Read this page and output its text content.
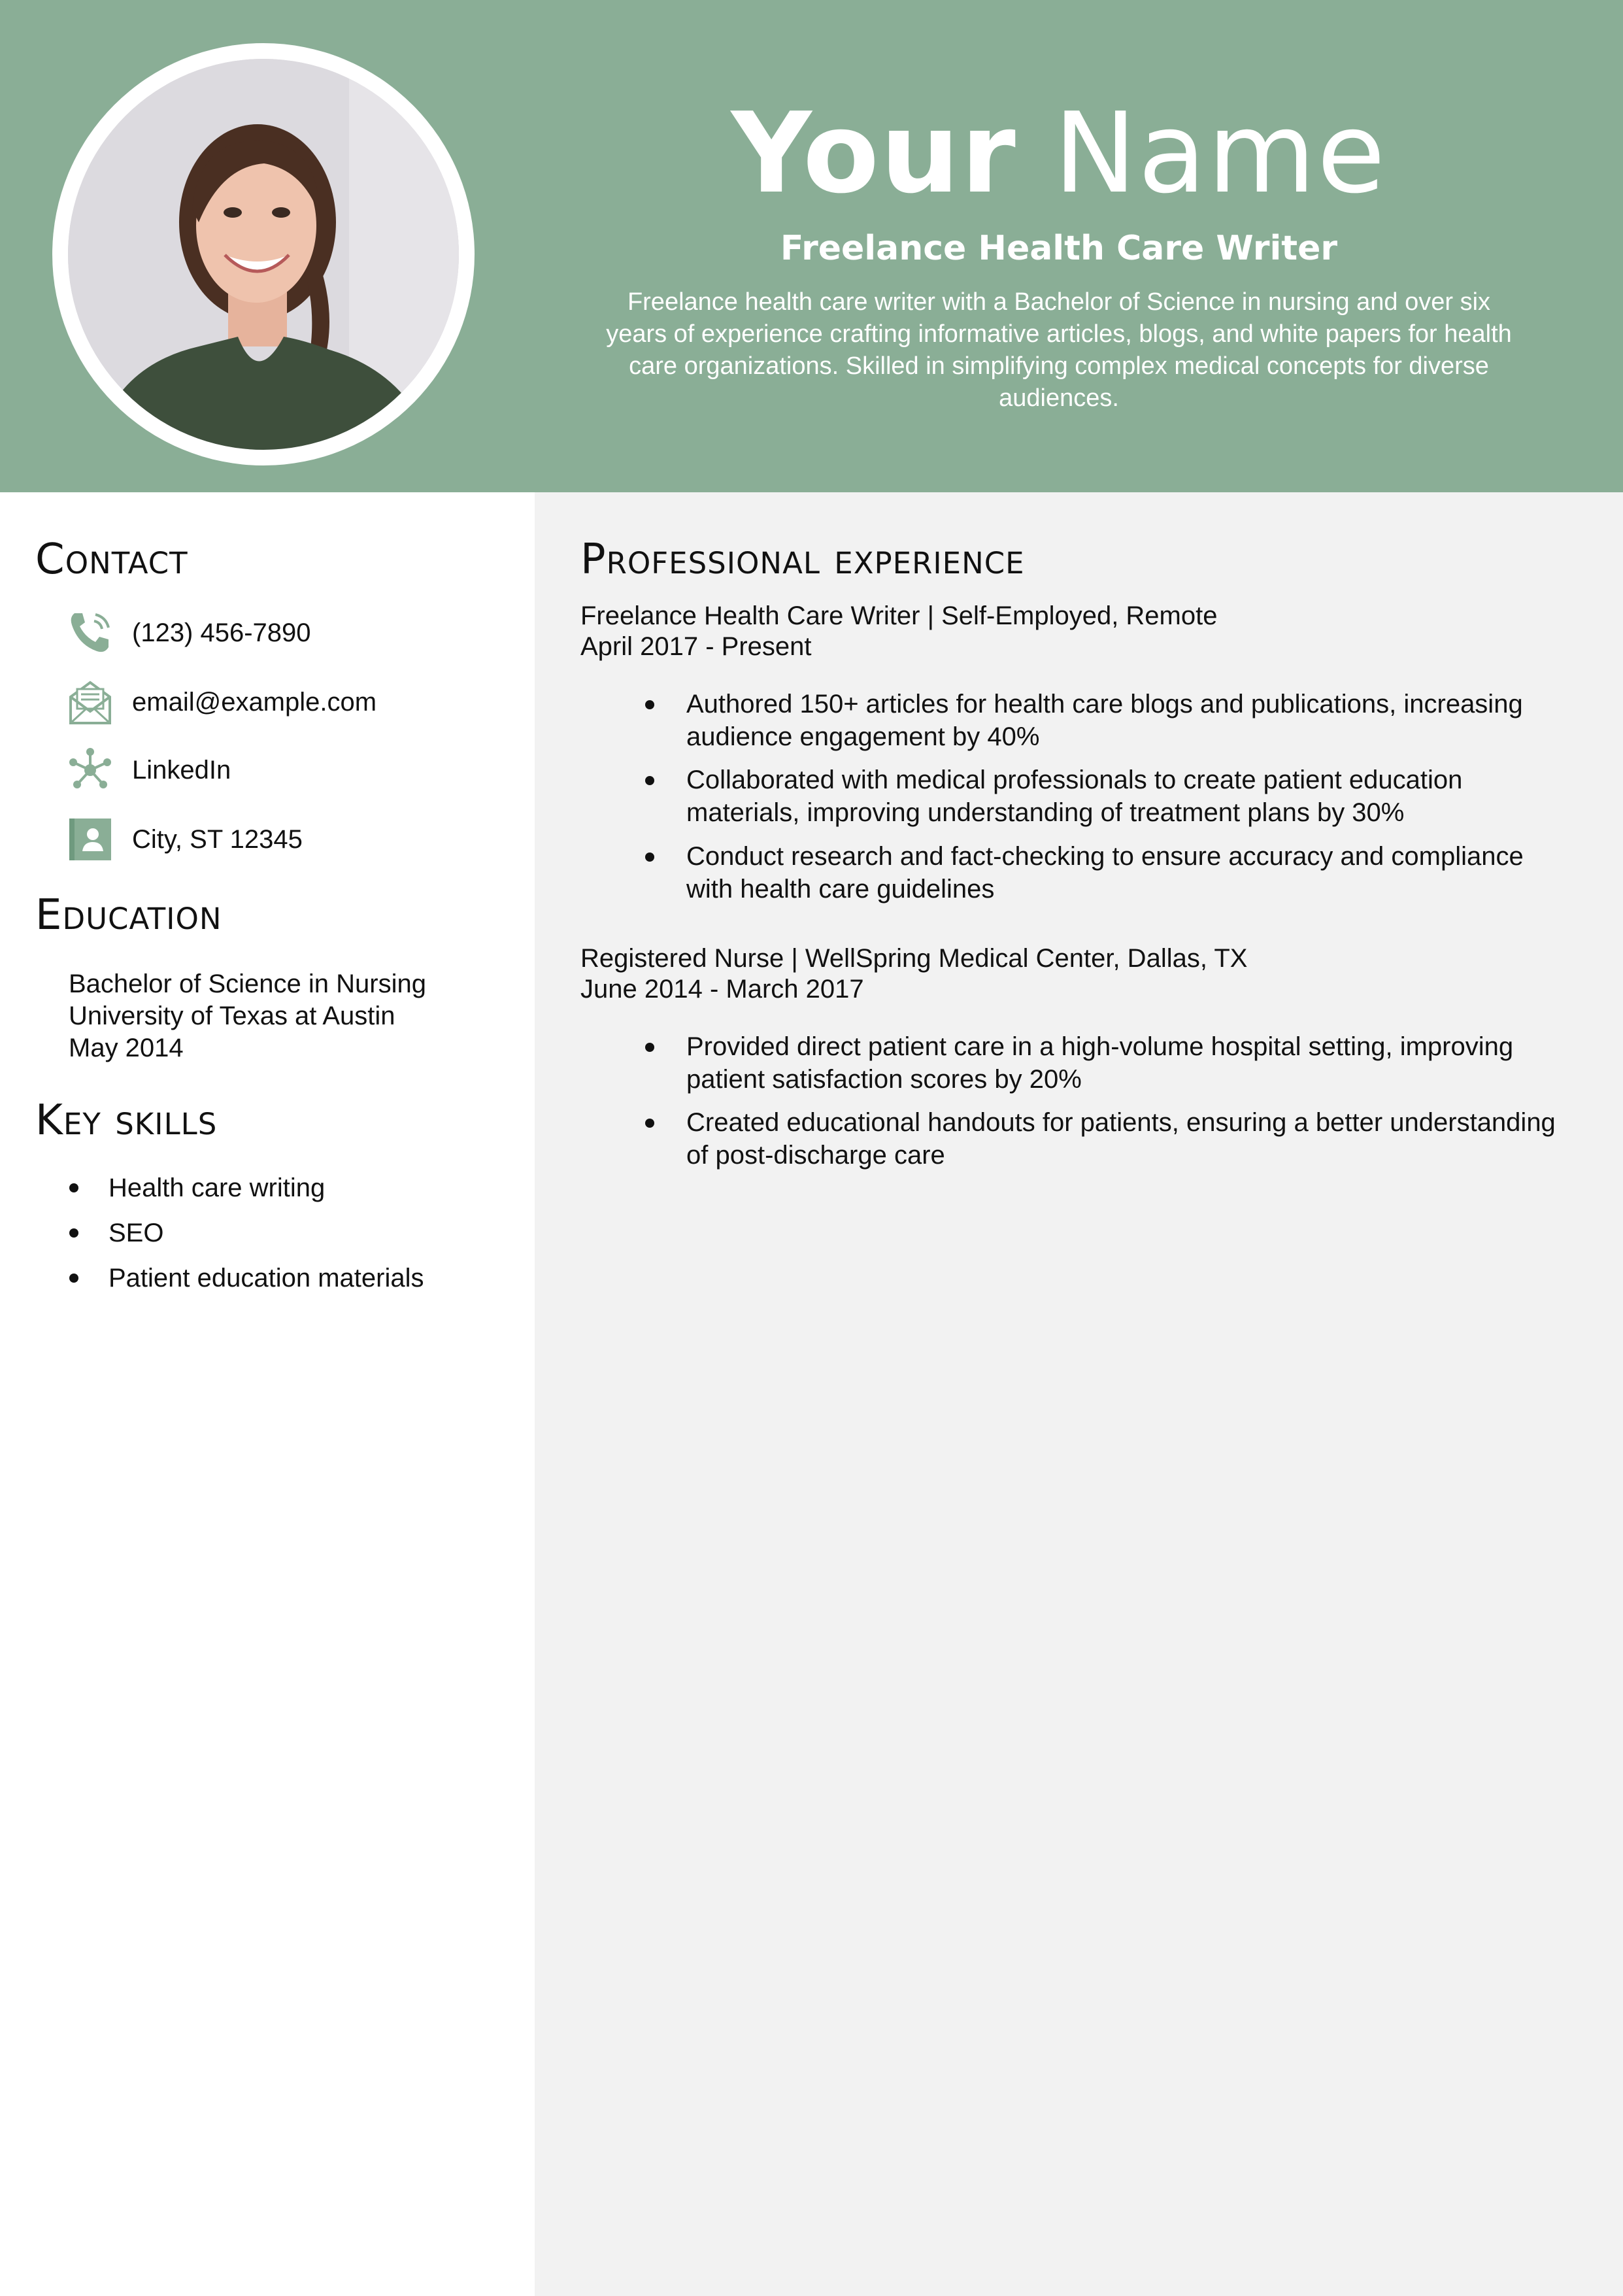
Your Name
Freelance Health Care Writer
Freelance health care writer with a Bachelor of Science in nursing and over six years of experience crafting informative articles, blogs, and white papers for health care organizations. Skilled in simplifying complex medical concepts for diverse audiences.
Contact
(123) 456-7890
email@example.com
LinkedIn
City, ST 12345
Education
Bachelor of Science in Nursing
University of Texas at Austin
May 2014
Key skills
Health care writing
SEO
Patient education materials
Professional experience
Freelance Health Care Writer | Self-Employed, Remote
April 2017 - Present
Authored 150+ articles for health care blogs and publications, increasing audience engagement by 40%
Collaborated with medical professionals to create patient education materials, improving understanding of treatment plans by 30%
Conduct research and fact-checking to ensure accuracy and compliance with health care guidelines
Registered Nurse | WellSpring Medical Center, Dallas, TX
June 2014 - March 2017
Provided direct patient care in a high-volume hospital setting, improving patient satisfaction scores by 20%
Created educational handouts for patients, ensuring a better understanding of post-discharge care
